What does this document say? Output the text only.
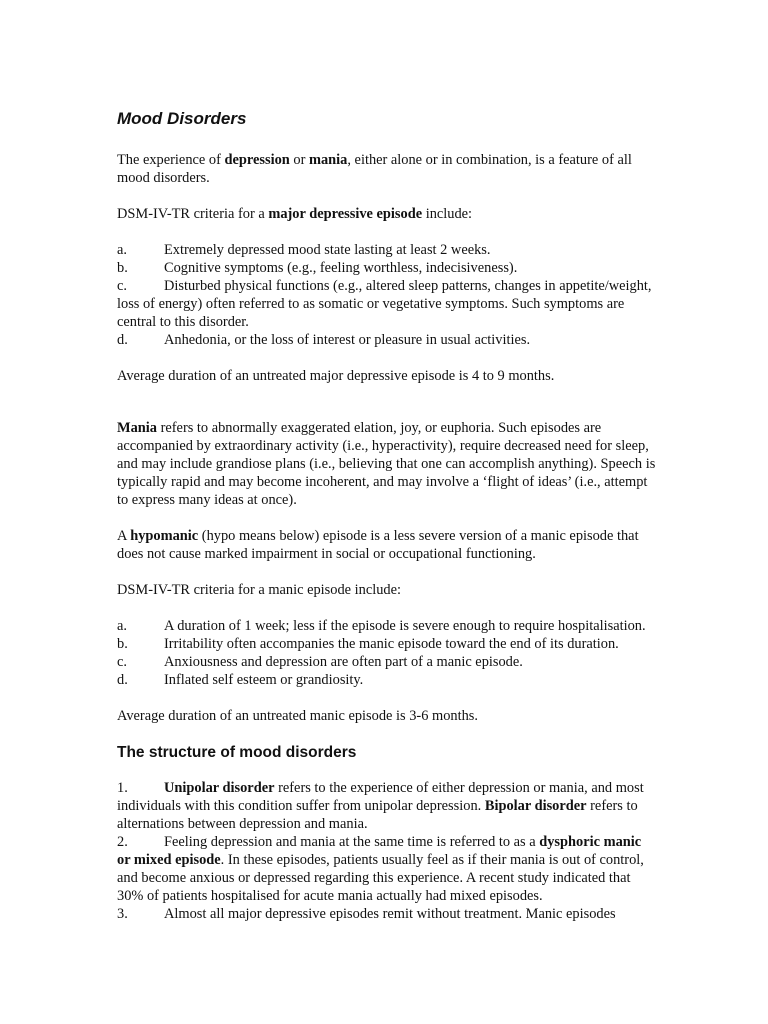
Mood Disorders

The experience of depression or mania, either alone or in combination, is a feature of all mood disorders.

DSM-IV-TR criteria for a major depressive episode include:

a.	Extremely depressed mood state lasting at least 2 weeks.
b.	Cognitive symptoms (e.g., feeling worthless, indecisiveness).
c.	Disturbed physical functions (e.g., altered sleep patterns, changes in appetite/weight, loss of energy) often referred to as somatic or vegetative symptoms. Such symptoms are central to this disorder.
d.	Anhedonia, or the loss of interest or pleasure in usual activities.

Average duration of an untreated major depressive episode is 4 to 9 months.

Mania refers to abnormally exaggerated elation, joy, or euphoria. Such episodes are accompanied by extraordinary activity (i.e., hyperactivity), require decreased need for sleep, and may include grandiose plans (i.e., believing that one can accomplish anything). Speech is typically rapid and may become incoherent, and may involve a ‘flight of ideas’ (i.e., attempt to express many ideas at once).

A hypomanic (hypo means below) episode is a less severe version of a manic episode that does not cause marked impairment in social or occupational functioning.

DSM-IV-TR criteria for a manic episode include:

a.	A duration of 1 week; less if the episode is severe enough to require hospitalisation.
b.	Irritability often accompanies the manic episode toward the end of its duration.
c.	Anxiousness and depression are often part of a manic episode.
d.	Inflated self esteem or grandiosity.

Average duration of an untreated manic episode is 3-6 months.

The structure of mood disorders
1.	Unipolar disorder refers to the experience of either depression or mania, and most individuals with this condition suffer from unipolar depression. Bipolar disorder refers to alternations between depression and mania.
2.	Feeling depression and mania at the same time is referred to as a dysphoric manic or mixed episode. In these episodes, patients usually feel as if their mania is out of control, and become anxious or depressed regarding this experience. A recent study indicated that 30% of patients hospitalised for acute mania actually had mixed episodes.
3.	Almost all major depressive episodes remit without treatment. Manic episodes
